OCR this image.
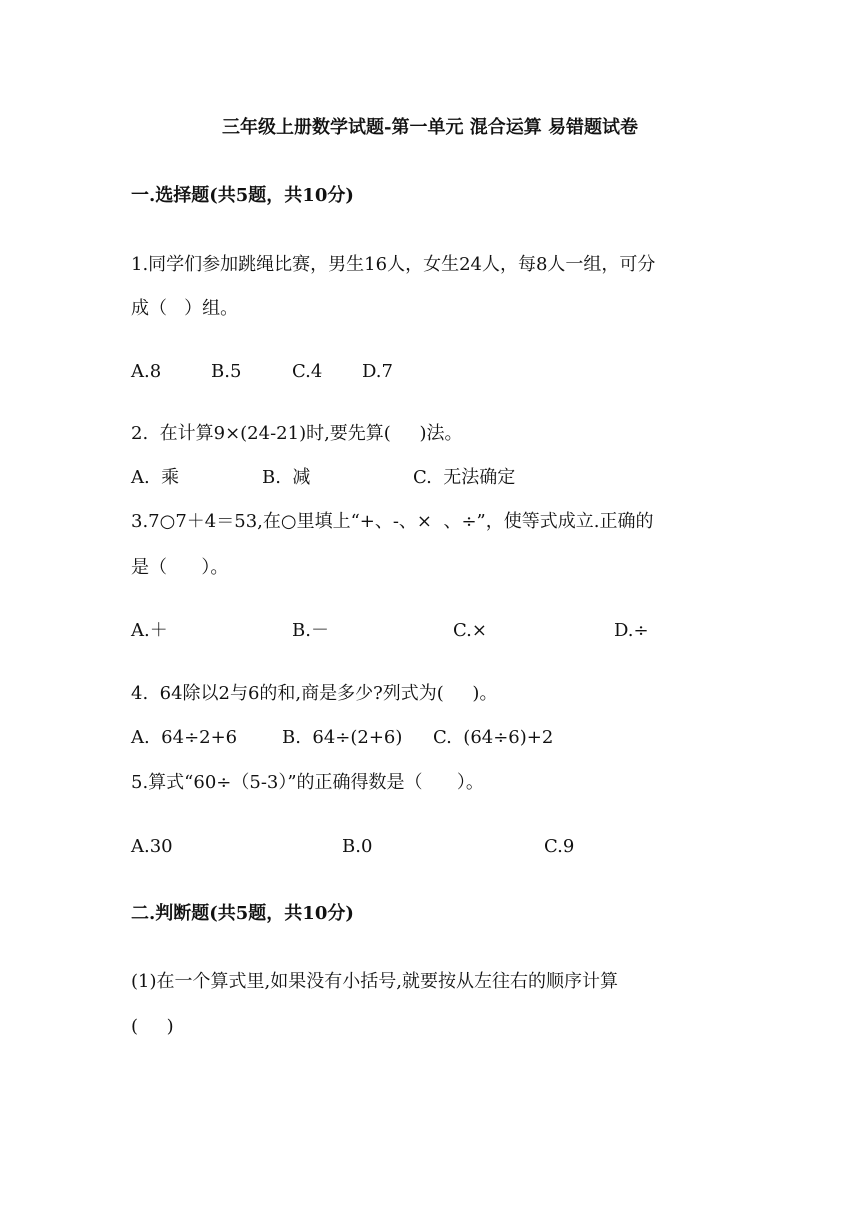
三年级上册数学试题-第一单元 混合运算 易错题试卷
一.选择题(共5题，共10分)
1.同学们参加跳绳比赛，男生16人，女生24人，每8人一组，可分
成（   ）组。
A.8	B.5	C.4 D.7
2.  在计算9×(24-21)时,要先算(     )法。
A.  乘	B.  减	C.  无法确定
3.7○7＋4＝53,在○里填上“+、-、×  、÷”，使等式成立.正确的
是（      ）。
A.＋	B.－	C.×	D.÷
4.  64除以2与6的和,商是多少?列式为(     )。
A.  64÷2+6 B.  64÷(2+6) C.  (64÷6)+2
5.算式“60÷（5-3）”的正确得数是（      ）。
A.30	B.0	C.9
二.判断题(共5题，共10分)
(1)在一个算式里,如果没有小括号,就要按从左往右的顺序计算
(     )
